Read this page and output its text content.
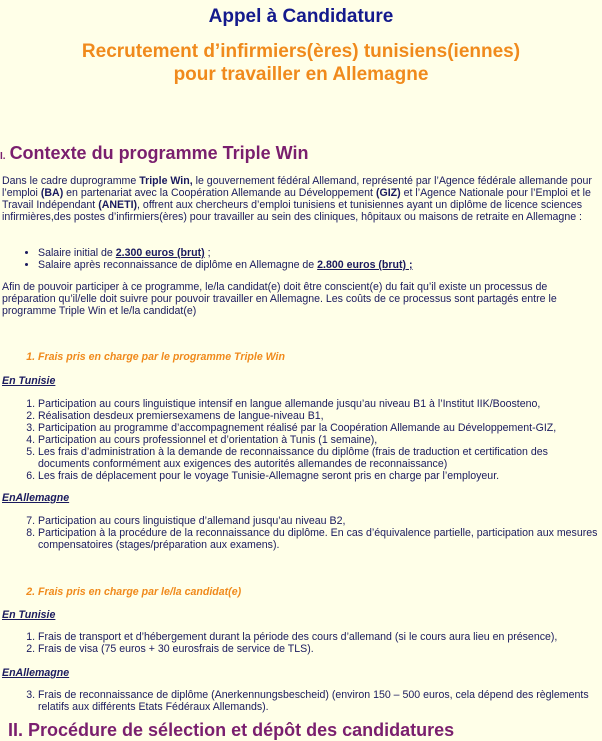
Appel à Candidature
Recrutement d’infirmiers(ères) tunisiens(iennes)
pour travailler en Allemagne
I. Contexte du programme Triple Win
Dans le cadre duprogramme Triple Win, le gouvernement fédéral Allemand, représenté par l’Agence fédérale allemande pour l’emploi (BA) en partenariat avec la Coopération Allemande au Développement (GIZ) et l’Agence Nationale pour l’Emploi et le Travail Indépendant (ANETI), offrent aux chercheurs d’emploi tunisiens et tunisiennes ayant un diplôme de licence sciences infirmières,des postes d’infirmiers(ères) pour travailler au sein des cliniques, hôpitaux ou maisons de retraite en Allemagne :
• Salaire initial de 2.300 euros (brut) ;
• Salaire après reconnaissance de diplôme en Allemagne de 2.800 euros (brut) ;
Afin de pouvoir participer à ce programme, le/la candidat(e) doit être conscient(e) du fait qu’il existe un processus de préparation qu’il/elle doit suivre pour pouvoir travailler en Allemagne. Les coûts de ce processus sont partagés entre le programme Triple Win et le/la candidat(e)
1. Frais pris en charge par le programme Triple Win
En Tunisie
1. Participation au cours linguistique intensif en langue allemande jusqu’au niveau B1 à l’Institut IIK/Boosteno,
2. Réalisation desdeux premiersexamens de langue-niveau B1,
3. Participation au programme d’accompagnement réalisé par la Coopération Allemande au Développement-GIZ,
4. Participation au cours professionnel et d’orientation à Tunis (1 semaine),
5. Les frais d’administration à la demande de reconnaissance du diplôme (frais de traduction et certification des documents conformément aux exigences des autorités allemandes de reconnaissance)
6. Les frais de déplacement pour le voyage Tunisie-Allemagne seront pris en charge par l’employeur.
EnAllemagne
7. Participation au cours linguistique d’allemand jusqu’au niveau B2,
8. Participation à la procédure de la reconnaissance du diplôme. En cas d’équivalence partielle, participation aux mesures compensatoires (stages/préparation aux examens).
2. Frais pris en charge par le/la candidat(e)
En Tunisie
1. Frais de transport et d’hébergement durant la période des cours d’allemand (si le cours aura lieu en présence),
2. Frais de visa (75 euros + 30 eurosfrais de service de TLS).
EnAllemagne
3. Frais de reconnaissance de diplôme (Anerkennungsbescheid) (environ 150 – 500 euros, cela dépend des règlements relatifs aux différents Etats Fédéraux Allemands).
II. Procédure de sélection et dépôt des candidatures
